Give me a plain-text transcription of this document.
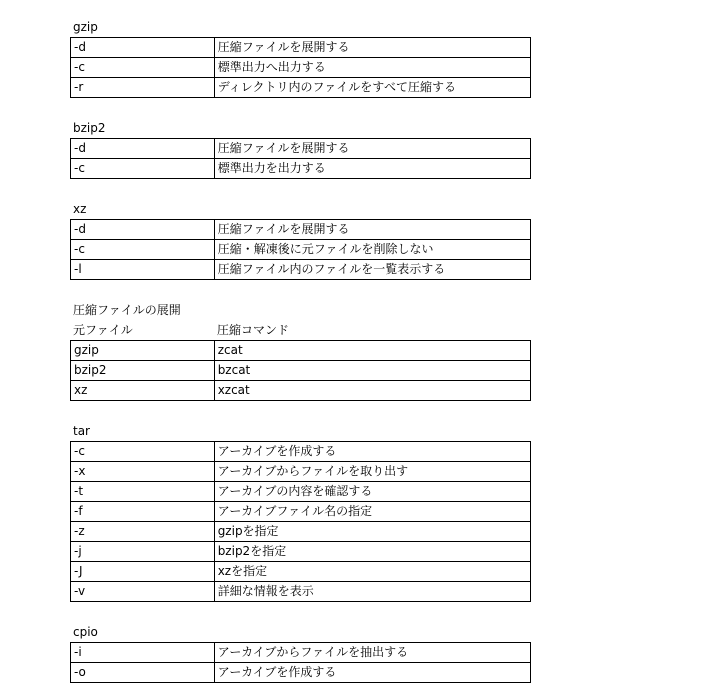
gzip
-d	圧縮ファイルを展開する
-c	標準出力へ出力する
-r	ディレクトリ内のファイルをすべて圧縮する
bzip2
-d	圧縮ファイルを展開する
-c	標準出力を出力する
xz
-d	圧縮ファイルを展開する
-c	圧縮・解凍後に元ファイルを削除しない
-l	圧縮ファイル内のファイルを一覧表示する
圧縮ファイルの展開
元ファイル	圧縮コマンド
gzip	zcat
bzip2	bzcat
xz	xzcat
tar
-c	アーカイブを作成する
-x	アーカイブからファイルを取り出す
-t	アーカイブの内容を確認する
-f	アーカイブファイル名の指定
-z	gzipを指定
-j	bzip2を指定
-J	xzを指定
-v	詳細な情報を表示
cpio
-i	アーカイブからファイルを抽出する
-o	アーカイブを作成する
